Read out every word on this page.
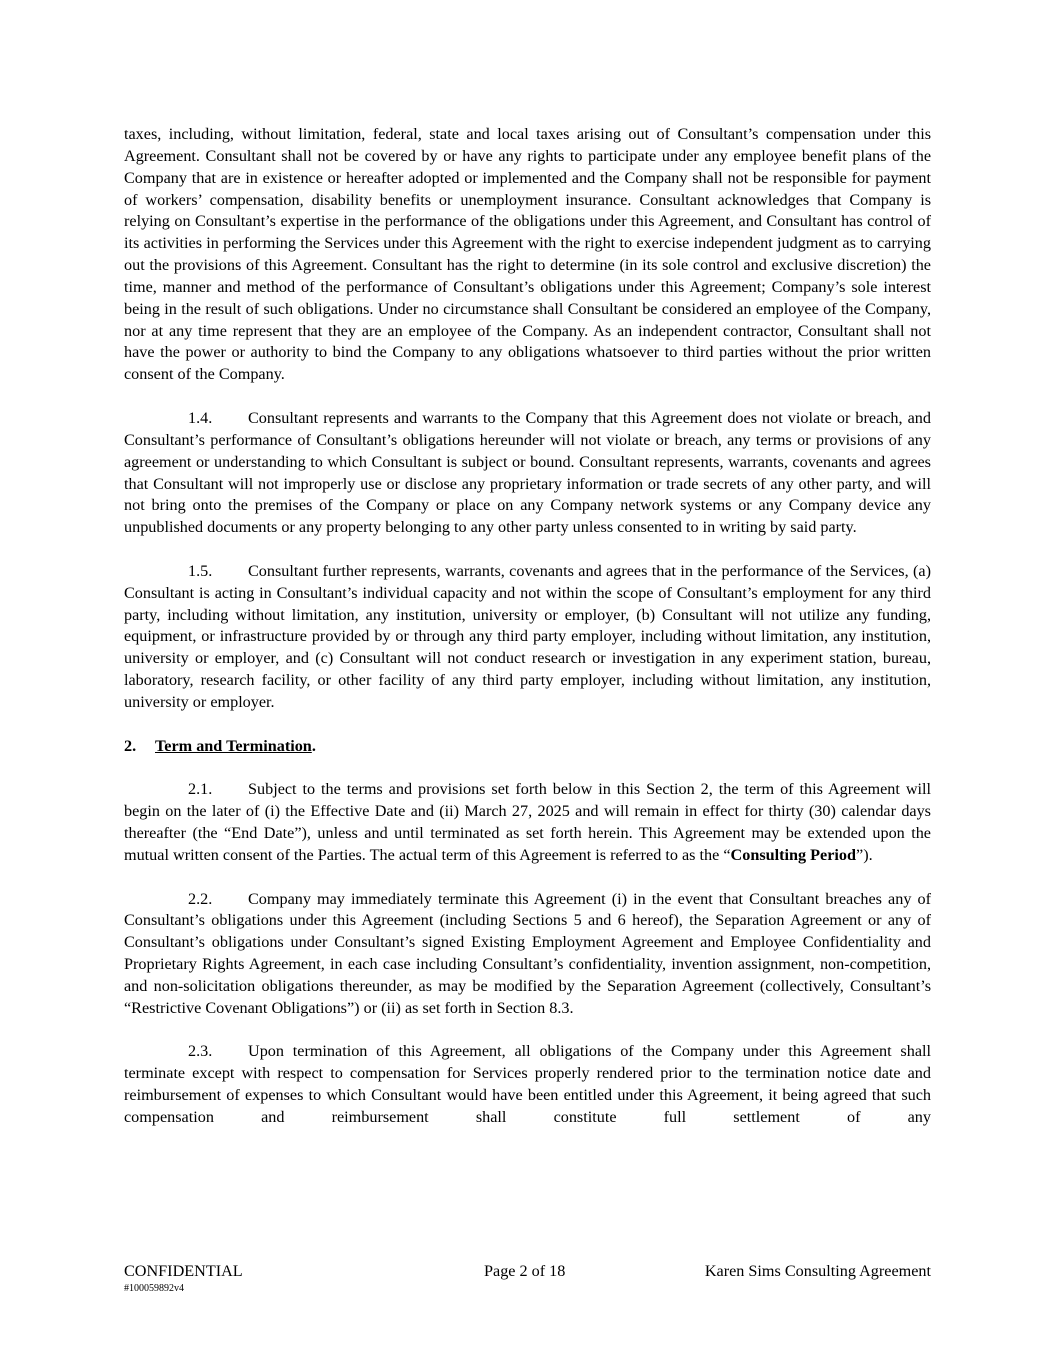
taxes, including, without limitation, federal, state and local taxes arising out of Consultant’s compensation under this Agreement. Consultant shall not be covered by or have any rights to participate under any employee benefit plans of the Company that are in existence or hereafter adopted or implemented and the Company shall not be responsible for payment of workers’ compensation, disability benefits or unemployment insurance. Consultant acknowledges that Company is relying on Consultant’s expertise in the performance of the obligations under this Agreement, and Consultant has control of its activities in performing the Services under this Agreement with the right to exercise independent judgment as to carrying out the provisions of this Agreement. Consultant has the right to determine (in its sole control and exclusive discretion) the time, manner and method of the performance of Consultant’s obligations under this Agreement; Company’s sole interest being in the result of such obligations. Under no circumstance shall Consultant be considered an employee of the Company, nor at any time represent that they are an employee of the Company. As an independent contractor, Consultant shall not have the power or authority to bind the Company to any obligations whatsoever to third parties without the prior written consent of the Company.

1.4. Consultant represents and warrants to the Company that this Agreement does not violate or breach, and Consultant’s performance of Consultant’s obligations hereunder will not violate or breach, any terms or provisions of any agreement or understanding to which Consultant is subject or bound. Consultant represents, warrants, covenants and agrees that Consultant will not improperly use or disclose any proprietary information or trade secrets of any other party, and will not bring onto the premises of the Company or place on any Company network systems or any Company device any unpublished documents or any property belonging to any other party unless consented to in writing by said party.

1.5. Consultant further represents, warrants, covenants and agrees that in the performance of the Services, (a) Consultant is acting in Consultant’s individual capacity and not within the scope of Consultant’s employment for any third party, including without limitation, any institution, university or employer, (b) Consultant will not utilize any funding, equipment, or infrastructure provided by or through any third party employer, including without limitation, any institution, university or employer, and (c) Consultant will not conduct research or investigation in any experiment station, bureau, laboratory, research facility, or other facility of any third party employer, including without limitation, any institution, university or employer.

2. Term and Termination.

2.1. Subject to the terms and provisions set forth below in this Section 2, the term of this Agreement will begin on the later of (i) the Effective Date and (ii) March 27, 2025 and will remain in effect for thirty (30) calendar days thereafter (the “End Date”), unless and until terminated as set forth herein. This Agreement may be extended upon the mutual written consent of the Parties. The actual term of this Agreement is referred to as the “Consulting Period”).

2.2. Company may immediately terminate this Agreement (i) in the event that Consultant breaches any of Consultant’s obligations under this Agreement (including Sections 5 and 6 hereof), the Separation Agreement or any of Consultant’s obligations under Consultant’s signed Existing Employment Agreement and Employee Confidentiality and Proprietary Rights Agreement, in each case including Consultant’s confidentiality, invention assignment, non-competition, and non-solicitation obligations thereunder, as may be modified by the Separation Agreement (collectively, Consultant’s “Restrictive Covenant Obligations”) or (ii) as set forth in Section 8.3.

2.3. Upon termination of this Agreement, all obligations of the Company under this Agreement shall terminate except with respect to compensation for Services properly rendered prior to the termination notice date and reimbursement of expenses to which Consultant would have been entitled under this Agreement, it being agreed that such compensation and reimbursement shall constitute full settlement of any

CONFIDENTIAL	Page 2 of 18	Karen Sims Consulting Agreement
#100059892v4
